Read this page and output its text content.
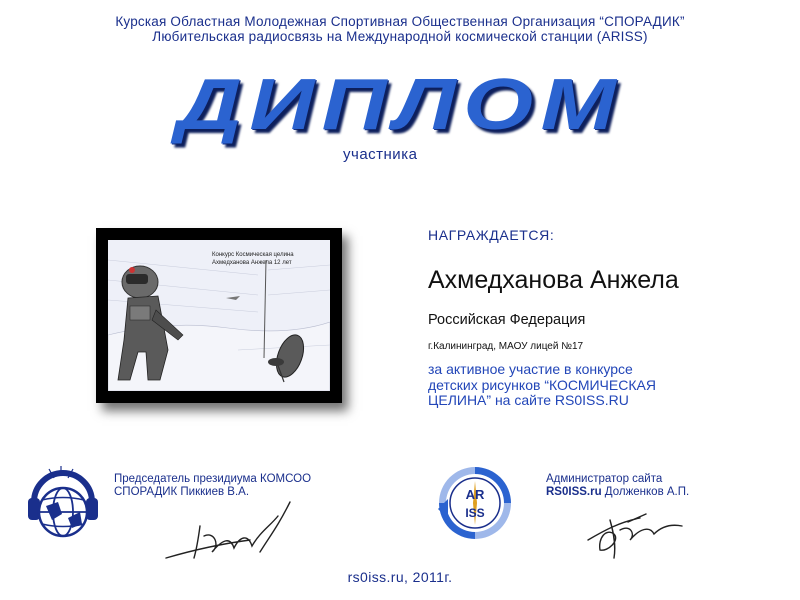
Курская Областная Молодежная Спортивная Общественная Организация “СПОРАДИК”
Любительская радиосвязь на Международной космической станции (ARISS)
ДИПЛОМ
участника
Конкурс Космическая целина
Ахмедханова Анжела 12 лет
НАГРАЖДАЕТСЯ:
Ахмедханова Анжела
Российская Федерация
г.Калининград, МАОУ лицей №17
за активное участие в конкурсе
детских рисунков “КОСМИЧЕСКАЯ
ЦЕЛИНА” на сайте RS0ISS.RU
Председатель президиума КОМСОО
СПОРАДИК Пиккиев В.А.	AR
ISS
Администратор сайта
RS0ISS.ru Долженков А.П.
rs0iss.ru, 2011г.
